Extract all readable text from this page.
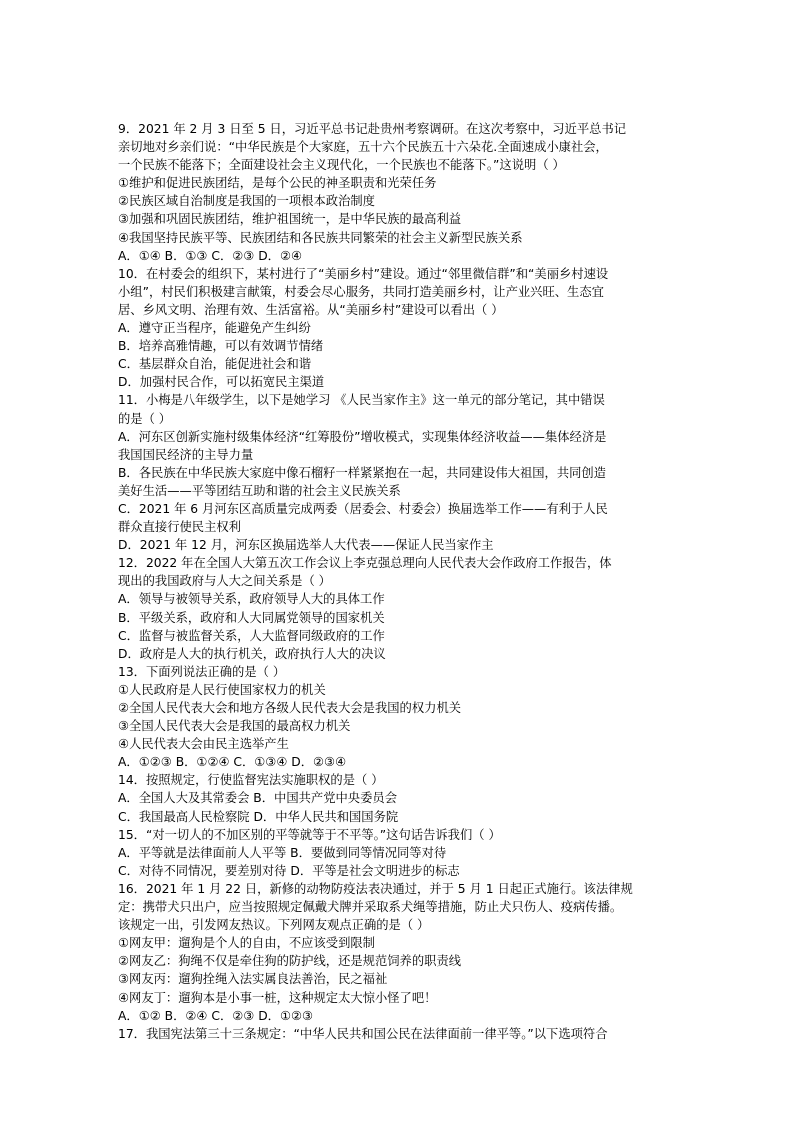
9．2021 年 2 月 3 日至 5 日，习近平总书记赴贵州考察调研。在这次考察中，习近平总书记
亲切地对乡亲们说：“中华民族是个大家庭，五十六个民族五十六朵花.全面速成小康社会，
一个民族不能落下；全面建设社会主义现代化，一个民族也不能落下。”这说明（ ）
①维护和促进民族团结，是每个公民的神圣职责和光荣任务
②民族区域自治制度是我国的一项根本政治制度
③加强和巩固民族团结，维护祖国统一，是中华民族的最高利益
④我国坚持民族平等、民族团结和各民族共同繁荣的社会主义新型民族关系
A．①④ B．①③ C．②③ D．②④
10．在村委会的组织下，某村进行了“美丽乡村”建设。通过“邻里微信群”和“美丽乡村速设
小组”，村民们积极建言献策，村委会尽心服务，共同打造美丽乡村，让产业兴旺、生态宜
居、乡风文明、治理有效、生活富裕。从“美丽乡村”建设可以看出（ ）
A．遵守正当程序，能避免产生纠纷
B．培养高雅情趣，可以有效调节情绪
C．基层群众自治，能促进社会和谐
D．加强村民合作，可以拓宽民主渠道
11．小梅是八年级学生，以下是她学习 《人民当家作主》这一单元的部分笔记，其中错误
的是（ ）
A．河东区创新实施村级集体经济“红筹股份”增收模式，实现集体经济收益——集体经济是
我国国民经济的主导力量
B．各民族在中华民族大家庭中像石榴籽一样紧紧抱在一起，共同建设伟大祖国，共同创造
美好生活——平等团结互助和谐的社会主义民族关系
C．2021 年 6 月河东区高质量完成两委（居委会、村委会）换届选举工作——有利于人民
群众直接行使民主权利
D．2021 年 12 月，河东区换届选举人大代表——保证人民当家作主
12．2022 年在全国人大第五次工作会议上李克强总理向人民代表大会作政府工作报告，体
现出的我国政府与人大之间关系是（ ）
A．领导与被领导关系，政府领导人大的具体工作
B．平级关系，政府和人大同属党领导的国家机关
C．监督与被监督关系，人大监督同级政府的工作
D．政府是人大的执行机关，政府执行人大的决议
13．下面列说法正确的是（ ）
①人民政府是人民行使国家权力的机关
②全国人民代表大会和地方各级人民代表大会是我国的权力机关
③全国人民代表大会是我国的最高权力机关
④人民代表大会由民主选举产生
A．①②③ B．①②④ C．①③④ D．②③④
14．按照规定，行使监督宪法实施职权的是（ ）
A．全国人大及其常委会 B．中国共产党中央委员会
C．我国最高人民检察院 D．中华人民共和国国务院
15．“对一切人的不加区别的平等就等于不平等。”这句话告诉我们（ ）
A．平等就是法律面前人人平等 B．要做到同等情况同等对待
C．对待不同情况，要差别对待 D．平等是社会文明进步的标志
16．2021 年 1 月 22 日，新修的动物防疫法表决通过，并于 5 月 1 日起正式施行。该法律规
定：携带犬只出户，应当按照规定佩戴犬牌并采取系犬绳等措施，防止犬只伤人、疫病传播。
该规定一出，引发网友热议。下列网友观点正确的是（ ）
①网友甲：遛狗是个人的自由，不应该受到限制
②网友乙：狗绳不仅是牵住狗的防护线，还是规范饲养的职责线
③网友丙：遛狗拴绳入法实属良法善治，民之福祉
④网友丁：遛狗本是小事一桩，这种规定太大惊小怪了吧！
A．①② B．②④ C．②③ D．①②③
17．我国宪法第三十三条规定：“中华人民共和国公民在法律面前一律平等。”以下选项符合
